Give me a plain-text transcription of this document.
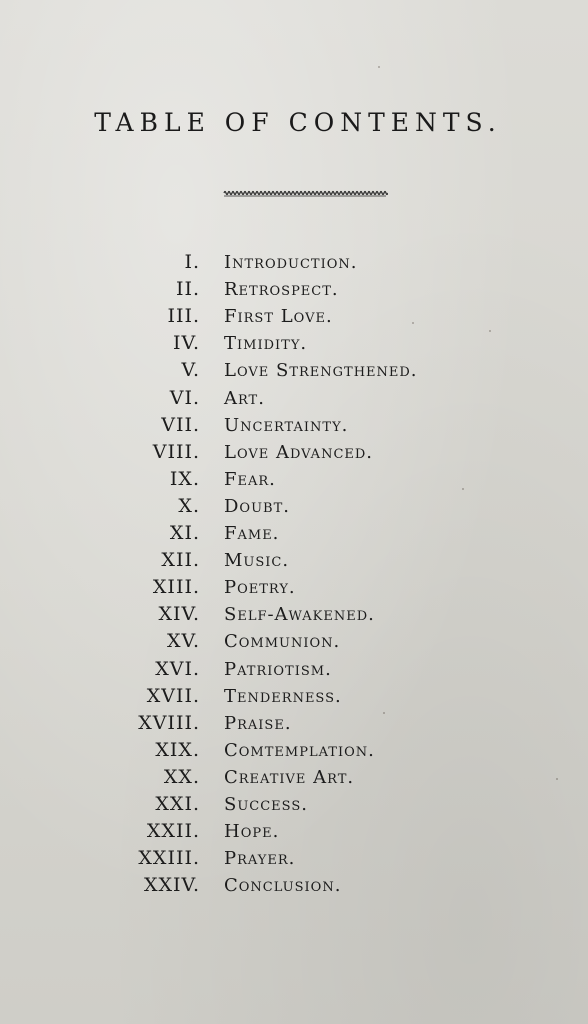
TABLE OF CONTENTS.
I. Introduction.
II. Retrospect.
III. First Love.
IV. Timidity.
V. Love Strengthened.
VI. Art.
VII. Uncertainty.
VIII. Love Advanced.
IX. Fear.
X. Doubt.
XI. Fame.
XII. Music.
XIII. Poetry.
XIV. Self-Awakened.
XV. Communion.
XVI. Patriotism.
XVII. Tenderness.
XVIII. Praise.
XIX. Comtemplation.
XX. Creative Art.
XXI. Success.
XXII. Hope.
XXIII. Prayer.
XXIV. Conclusion.
